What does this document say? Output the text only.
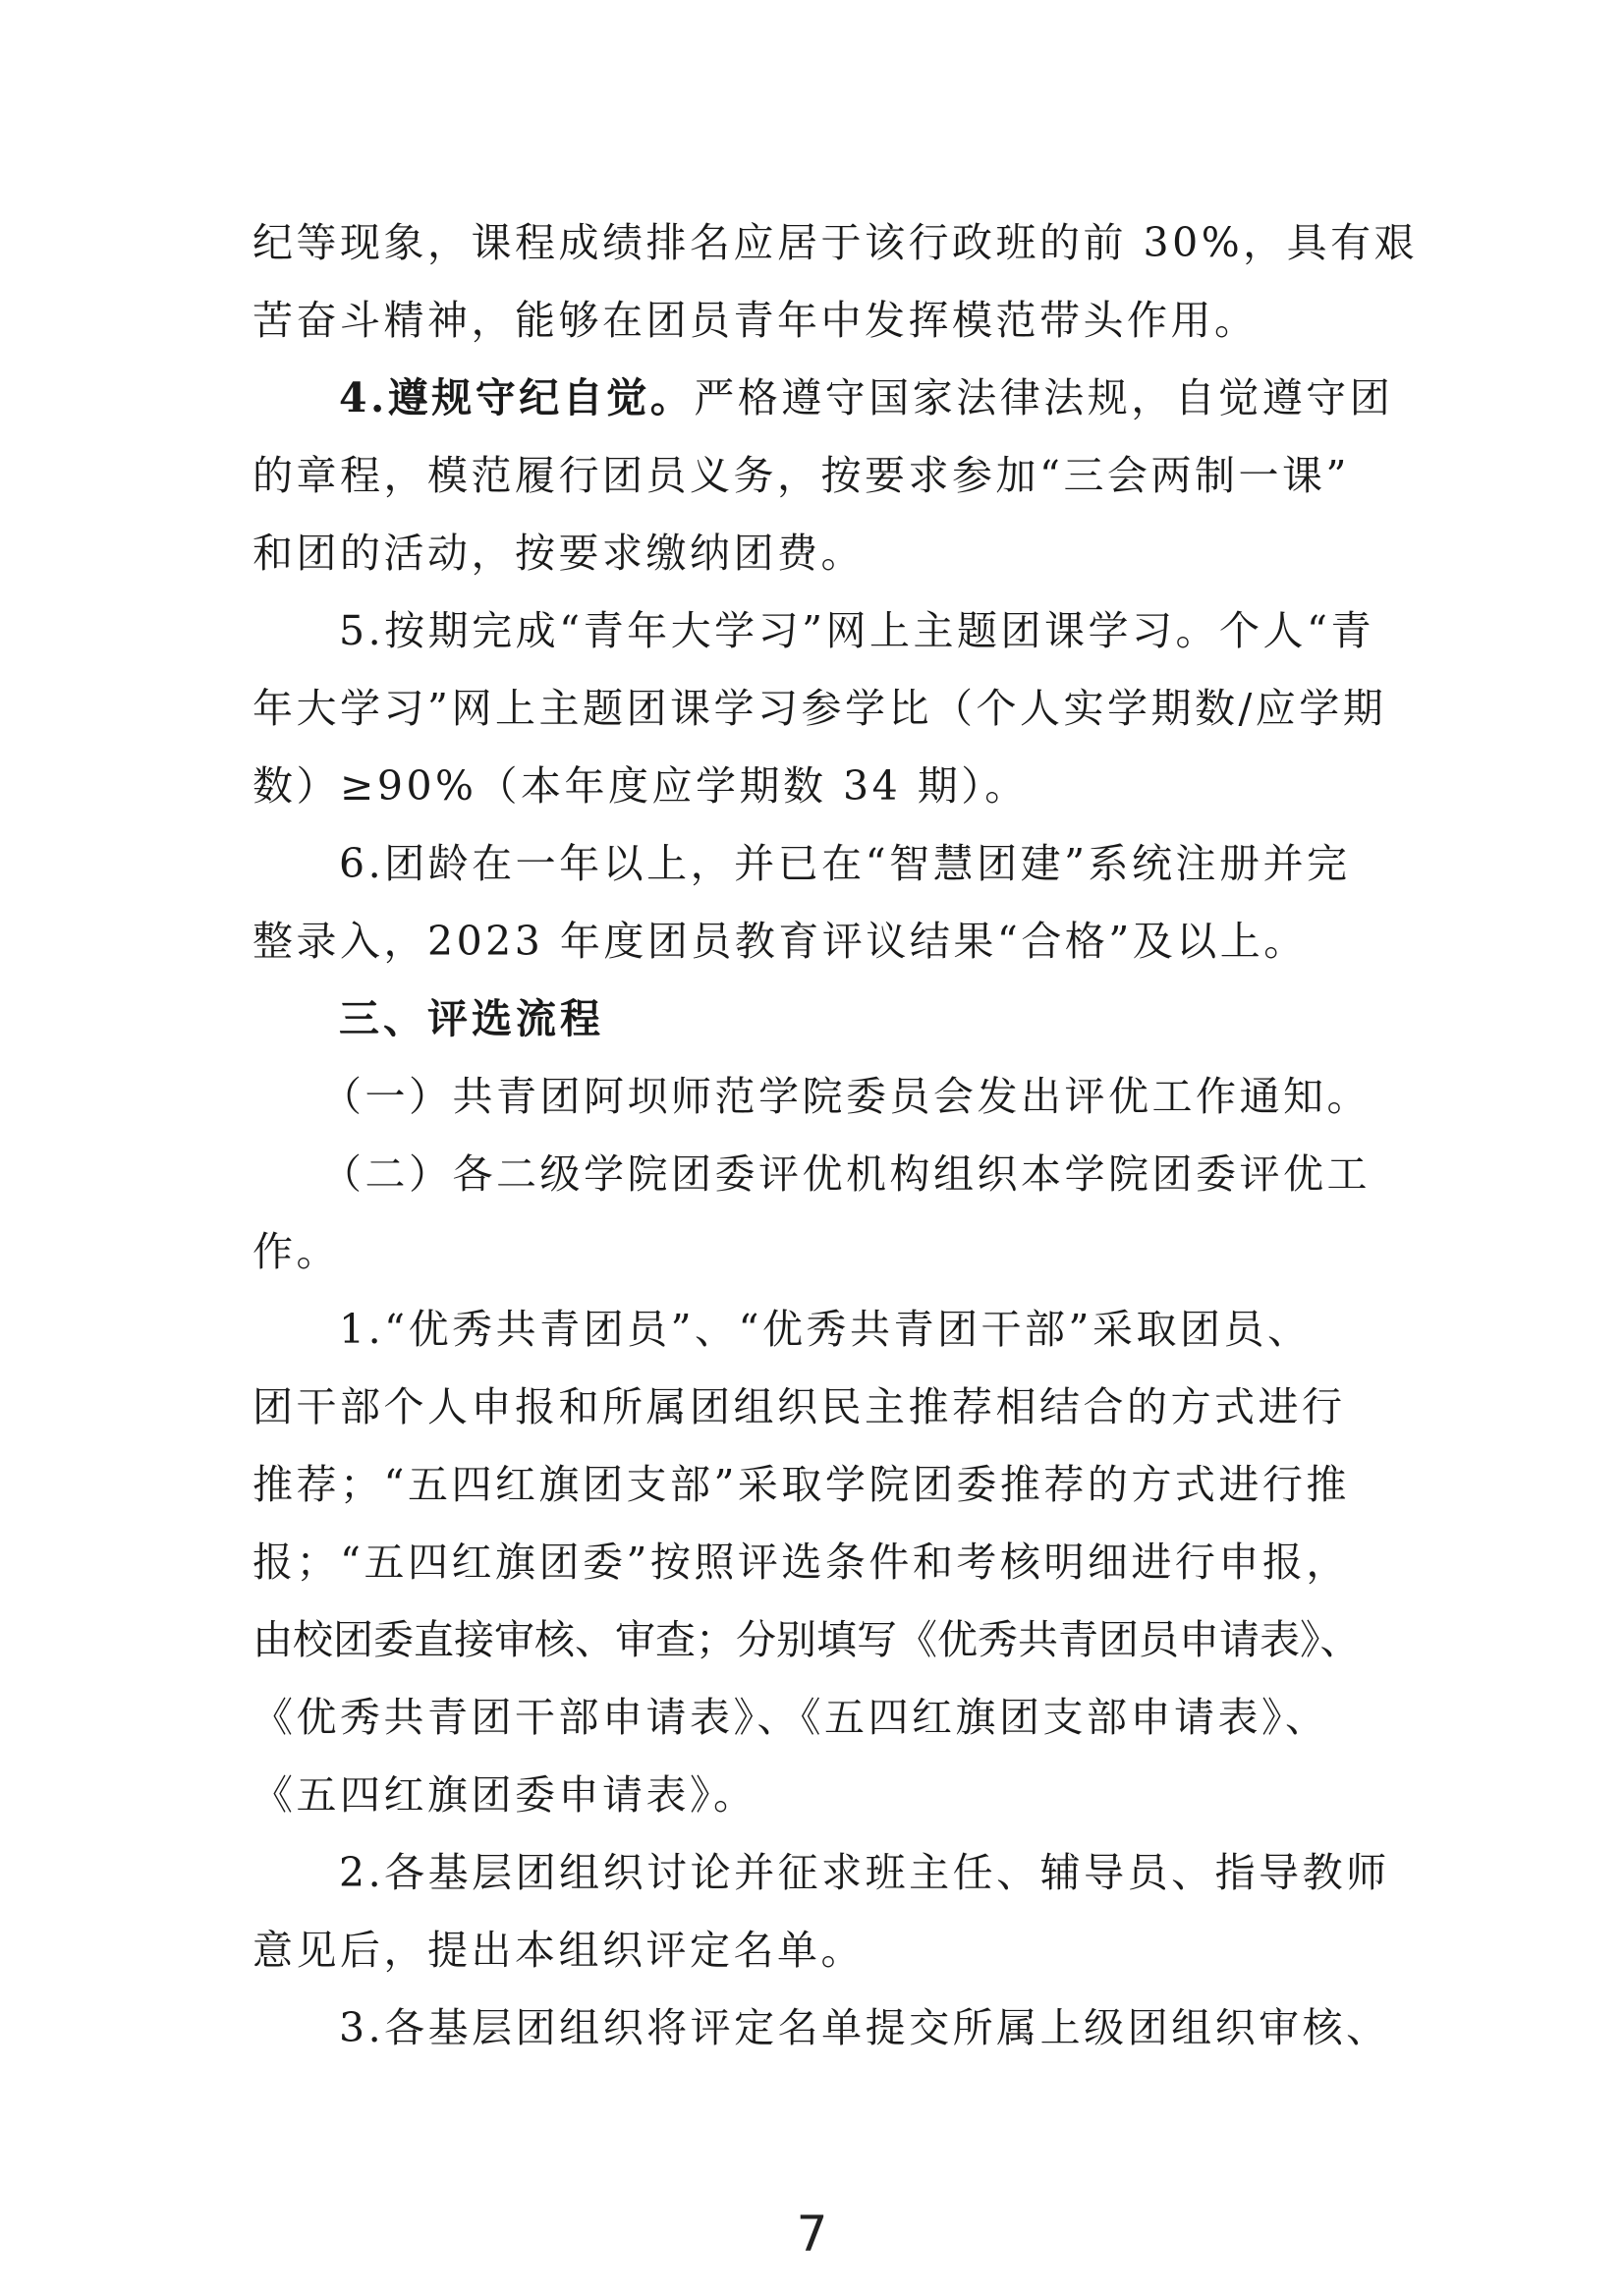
纪等现象，课程成绩排名应居于该行政班的前 30%，具有艰
苦奋斗精神，能够在团员青年中发挥模范带头作用。
4.遵规守纪自觉。严格遵守国家法律法规，自觉遵守团
的章程，模范履行团员义务，按要求参加“三会两制一课”
和团的活动，按要求缴纳团费。
5.按期完成“青年大学习”网上主题团课学习。个人“青
年大学习”网上主题团课学习参学比（个人实学期数/应学期
数）≥90%（本年度应学期数 34 期）。
6.团龄在一年以上，并已在“智慧团建”系统注册并完
整录入，2023 年度团员教育评议结果“合格”及以上。
三、评选流程
（一）共青团阿坝师范学院委员会发出评优工作通知。
（二）各二级学院团委评优机构组织本学院团委评优工
作。
1.“优秀共青团员”、“优秀共青团干部”采取团员、
团干部个人申报和所属团组织民主推荐相结合的方式进行
推荐；“五四红旗团支部”采取学院团委推荐的方式进行推
报；“五四红旗团委”按照评选条件和考核明细进行申报，
由校团委直接审核、审查；分别填写《优秀共青团员申请表》、
《优秀共青团干部申请表》、《五四红旗团支部申请表》、
《五四红旗团委申请表》。
2.各基层团组织讨论并征求班主任、辅导员、指导教师
意见后，提出本组织评定名单。
3.各基层团组织将评定名单提交所属上级团组织审核、
7
